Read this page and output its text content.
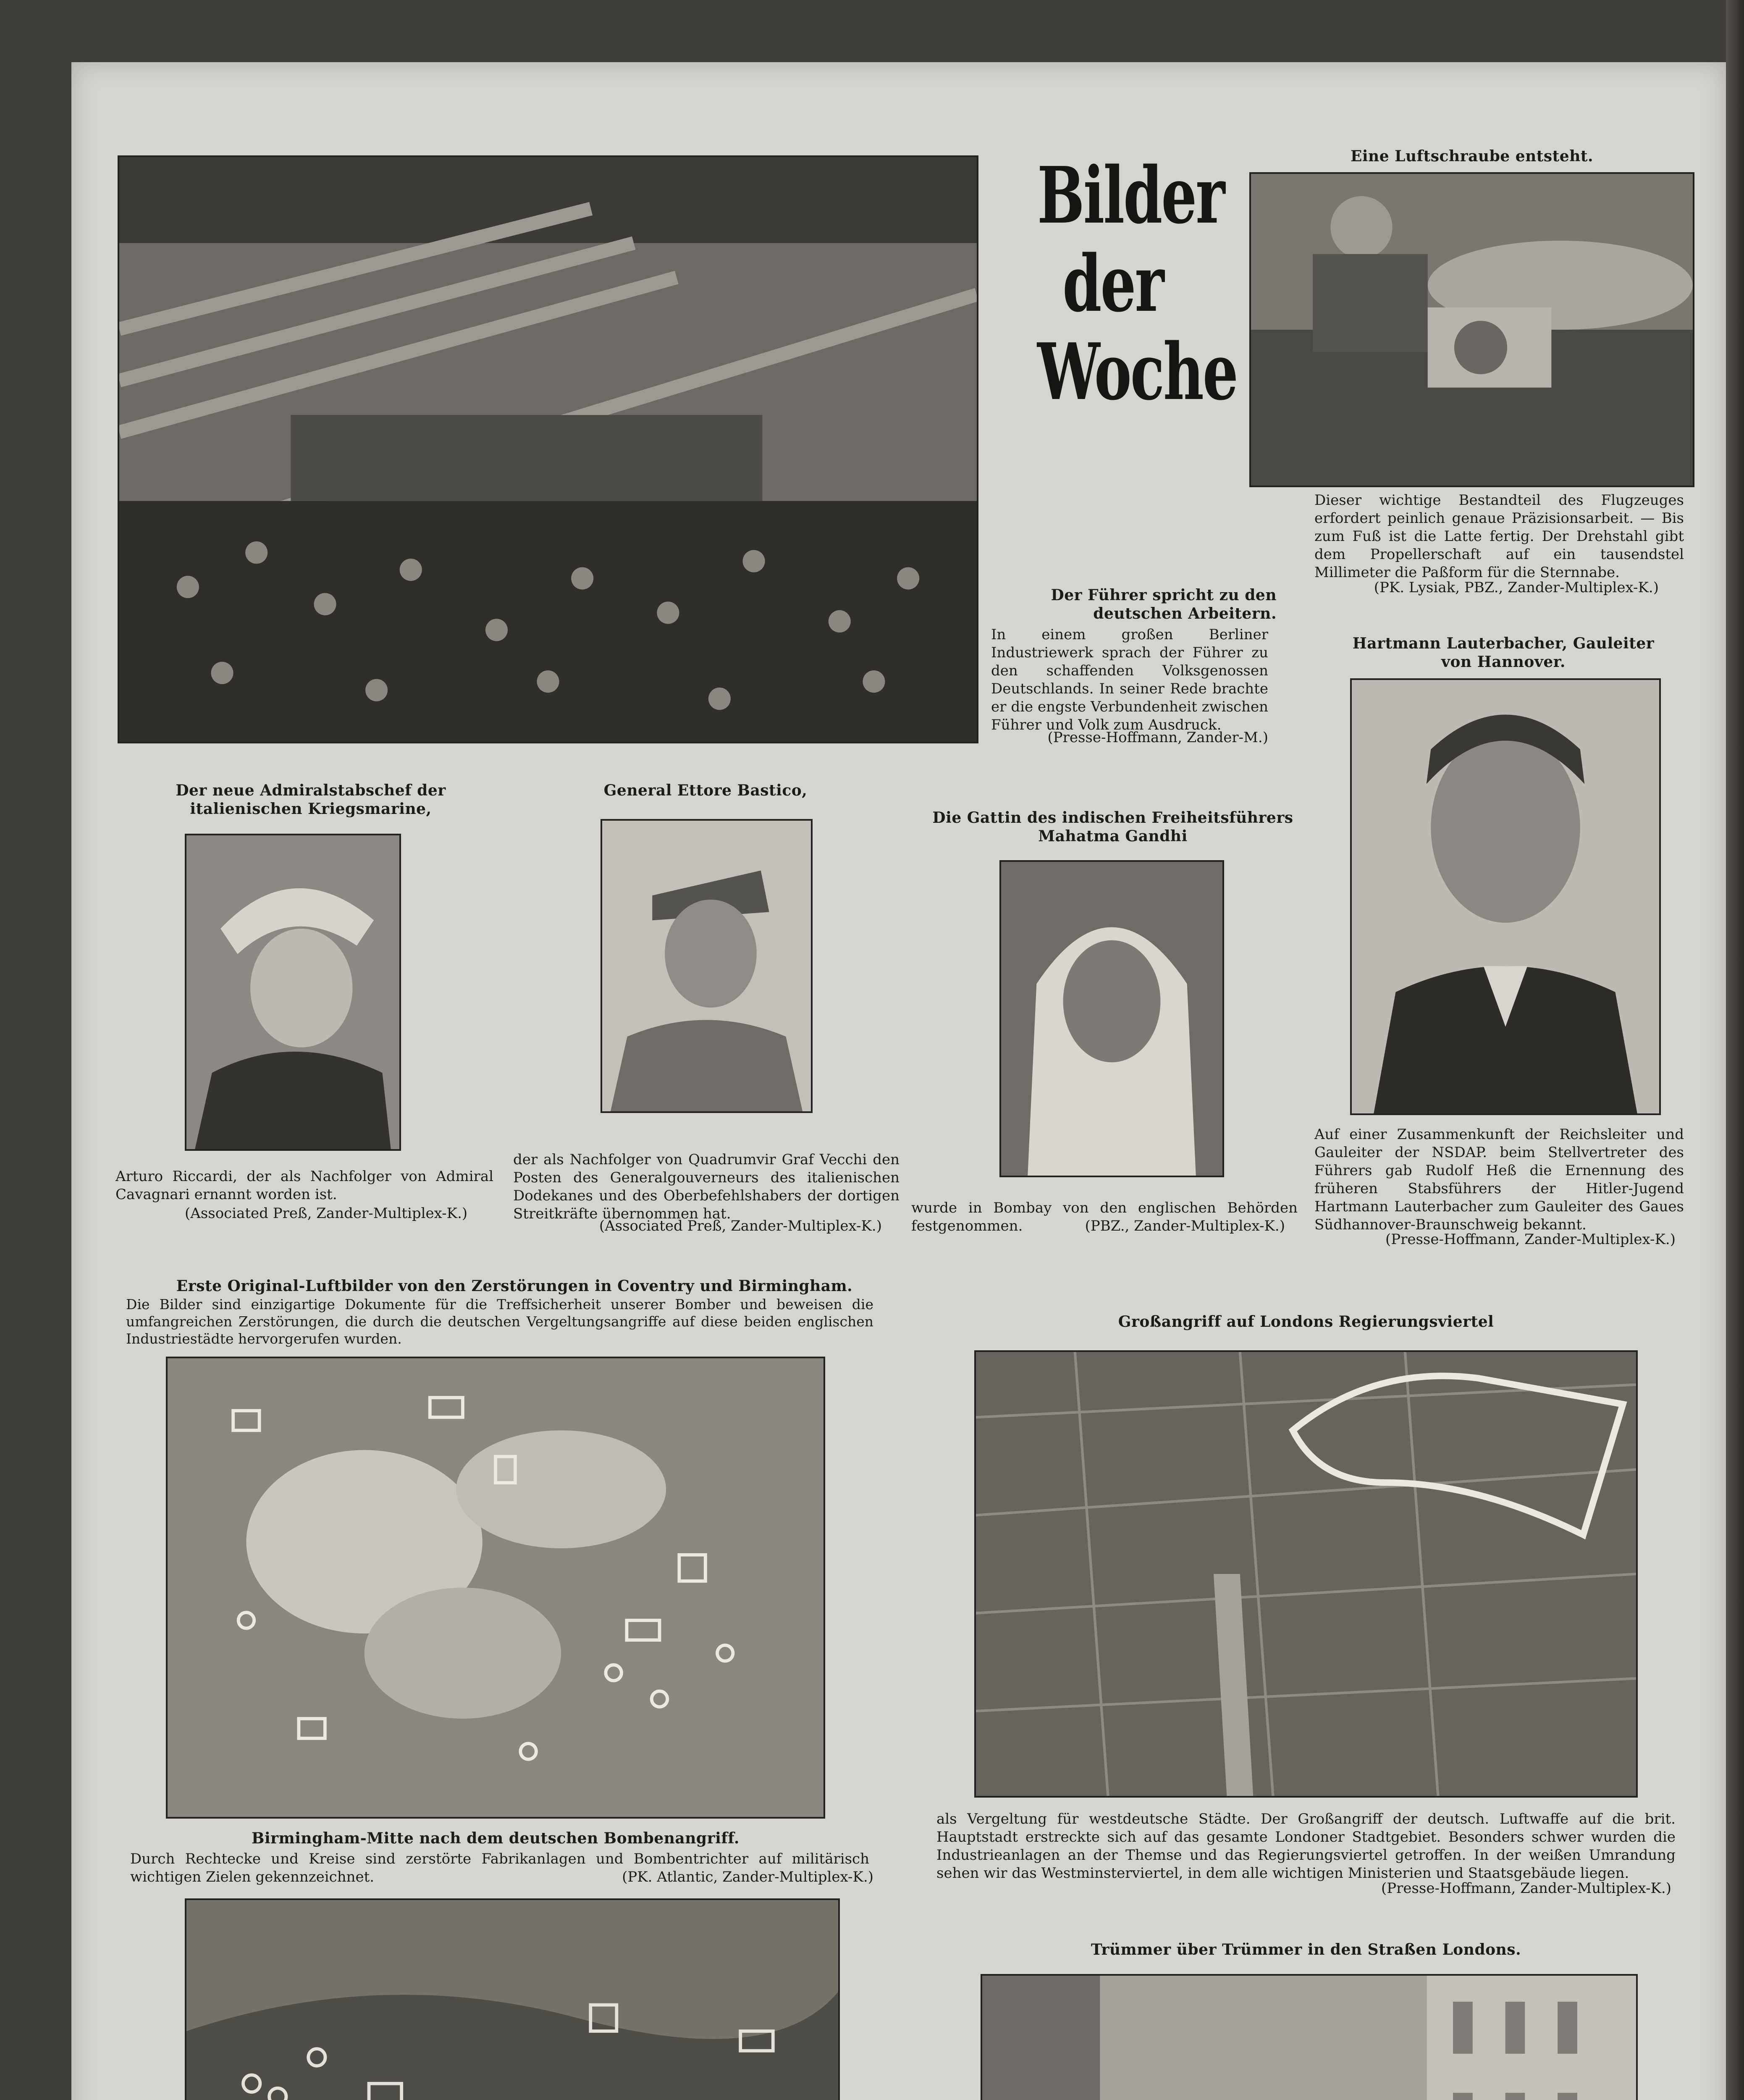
Bilder
der
Woche
Eine Luftschraube entsteht.
Dieser wichtige Bestandteil des Flugzeuges erfordert peinlich genaue Präzisionsarbeit. — Bis zum Fuß ist die Latte fertig. Der Drehstahl gibt dem Propellerschaft auf ein tausendstel Millimeter die Paßform für die Sternnabe.
(PK. Lysiak, PBZ., Zander-Multiplex-K.)
Der Führer spricht zu den deutschen Arbeitern.
In einem großen Berliner Industriewerk sprach der Führer zu den schaffenden Volksgenossen Deutschlands. In seiner Rede brachte er die engste Verbundenheit zwischen Führer und Volk zum Ausdruck.
(Presse-Hoffmann, Zander-M.)
Hartmann Lauterbacher, Gauleiter von Hannover.
Auf einer Zusammenkunft der Reichsleiter und Gauleiter der NSDAP. beim Stellvertreter des Führers gab Rudolf Heß die Ernennung des früheren Stabsführers der Hitler-Jugend Hartmann Lauterbacher zum Gauleiter des Gaues Südhannover-Braunschweig bekannt.
(Presse-Hoffmann, Zander-Multiplex-K.)
Der neue Admiralstabschef der italienischen Kriegsmarine,
Arturo Riccardi, der als Nachfolger von Admiral Cavagnari ernannt worden ist.
(Associated Preß, Zander-Multiplex-K.)
General Ettore Bastico,
der als Nachfolger von Quadrumvir Graf Vecchi den Posten des Generalgouverneurs des italienischen Dodekanes und des Oberbefehlshabers der dortigen Streitkräfte übernommen hat.
(Associated Preß, Zander-Multiplex-K.)
Die Gattin des indischen Freiheitsführers Mahatma Gandhi
wurde in Bombay von den englischen Behörden festgenommen.	(PBZ., Zander-Multiplex-K.)
Erste Original-Luftbilder von den Zerstörungen in Coventry und Birmingham.
Die Bilder sind einzigartige Dokumente für die Treffsicherheit unserer Bomber und beweisen die umfangreichen Zerstörungen, die durch die deutschen Vergeltungsangriffe auf diese beiden englischen Industriestädte hervorgerufen wurden.
Birmingham-Mitte nach dem deutschen Bombenangriff.
Durch Rechtecke und Kreise sind zerstörte Fabrikanlagen und Bombentrichter auf militärisch wichtigen Zielen gekennzeichnet.	(PK. Atlantic, Zander-Multiplex-K.)
Großangriff auf Londons Regierungsviertel
als Vergeltung für westdeutsche Städte. Der Großangriff der deutsch. Luftwaffe auf die brit. Hauptstadt erstreckte sich auf das gesamte Londoner Stadtgebiet. Besonders schwer wurden die Industrieanlagen an der Themse und das Regierungsviertel getroffen. In der weißen Umrandung sehen wir das Westminsterviertel, in dem alle wichtigen Ministerien und Staatsgebäude liegen.
(Presse-Hoffmann, Zander-Multiplex-K.)
Trümmer über Trümmer in den Straßen Londons.
